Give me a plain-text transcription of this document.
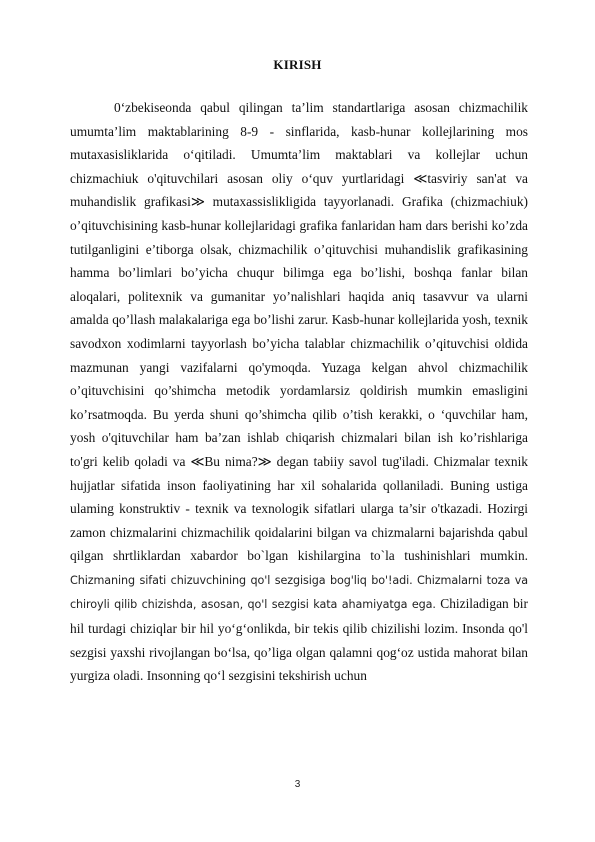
KIRISH
0‘zbekiseonda qabul qilingan ta’lim standartlariga asosan chizmachilik umumta’lim maktablarining 8-9 - sinflarida, kasb-hunar kollejlarining mos mutaxasisliklarida o‘qitiladi. Umumta’lim maktablari va kollejlar uchun chizmachiuk o'qituvchilari asosan oliy o‘quv yurtlaridagi ≪tasviriy san'at va muhandislik grafikasi≫ mutaxassislikligida tayyorlanadi. Grafika (chizmachiuk) o’qituvchisining kasb-hunar kollejlaridagi grafika fanlaridan ham dars berishi ko’zda tutilganligini e’tiborga olsak, chizmachilik o’qituvchisi muhandislik grafikasining hamma bo’limlari bo’yicha chuqur bilimga ega bo’lishi, boshqa fanlar bilan aloqalari, politexnik va gumanitar yo’nalishlari haqida aniq tasavvur va ularni amalda qo’llash malakalariga ega bo’lishi zarur. Kasb-hunar kollejlarida yosh, texnik savodxon xodimlarni tayyorlash bo’yicha talablar chizmachilik o’qituvchisi oldida mazmunan yangi vazifalarni qo'ymoqda. Yuzaga kelgan ahvol chizmachilik o’qituvchisini qo’shimcha metodik yordamlarsiz qoldirish mumkin emasligini ko’rsatmoqda. Bu yerda shuni qo’shimcha qilib o’tish kerakki, o ‘quvchilar ham, yosh o'qituvchilar ham ba’zan ishlab chiqarish chizmalari bilan ish ko’rishlariga to'gri kelib qoladi va ≪Bu nima?≫ degan tabiiy savol tug'iladi. Chizmalar texnik hujjatlar sifatida inson faoliyatining har xil sohalarida qollaniladi. Buning ustiga ulaming konstruktiv - texnik va texnologik sifatlari ularga ta’sir o'tkazadi. Hozirgi zamon chizmalarini chizmachilik qoidalarini bilgan va chizmalarni bajarishda qabul qilgan shrtliklardan xabardor bo`lgan kishilargina to`la tushinishlari mumkin. Chizmaning sifati chizuvchining qo'l sezgisiga bog'liq bo'!adi. Chizmalarni toza va chiroyli qilib chizishda, asosan, qo'l sezgisi kata ahamiyatga ega. Chiziladigan bir hil turdagi chiziqlar bir hil yo‘g‘onlikda, bir tekis qilib chizilishi lozim. Insonda qo'l sezgisi yaxshi rivojlangan bo‘lsa, qo’liga olgan qalamni qog‘oz ustida mahorat bilan yurgiza oladi. Insonning qo‘l sezgisini tekshirish uchun
3
